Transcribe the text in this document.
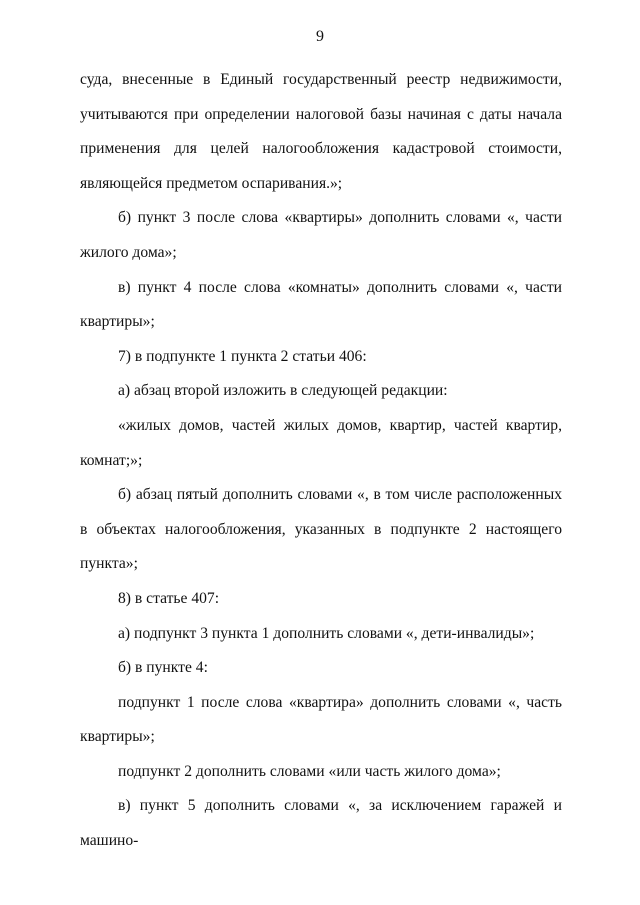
9

суда, внесенные в Единый государственный реестр недвижимости, учитываются при определении налоговой базы начиная с даты начала применения для целей налогообложения кадастровой стоимости, являющейся предметом оспаривания.»;

б) пункт 3 после слова «квартиры» дополнить словами «, части жилого дома»;

в) пункт 4 после слова «комнаты» дополнить словами «, части квартиры»;

7) в подпункте 1 пункта 2 статьи 406:

а) абзац второй изложить в следующей редакции:

«жилых домов, частей жилых домов, квартир, частей квартир, комнат;»;

б) абзац пятый дополнить словами «, в том числе расположенных в объектах налогообложения, указанных в подпункте 2 настоящего пункта»;

8) в статье 407:

а) подпункт 3 пункта 1 дополнить словами «, дети-инвалиды»;

б) в пункте 4:

подпункт 1 после слова «квартира» дополнить словами «, часть квартиры»;

подпункт 2 дополнить словами «или часть жилого дома»;

в) пункт 5 дополнить словами «, за исключением гаражей и машино-
